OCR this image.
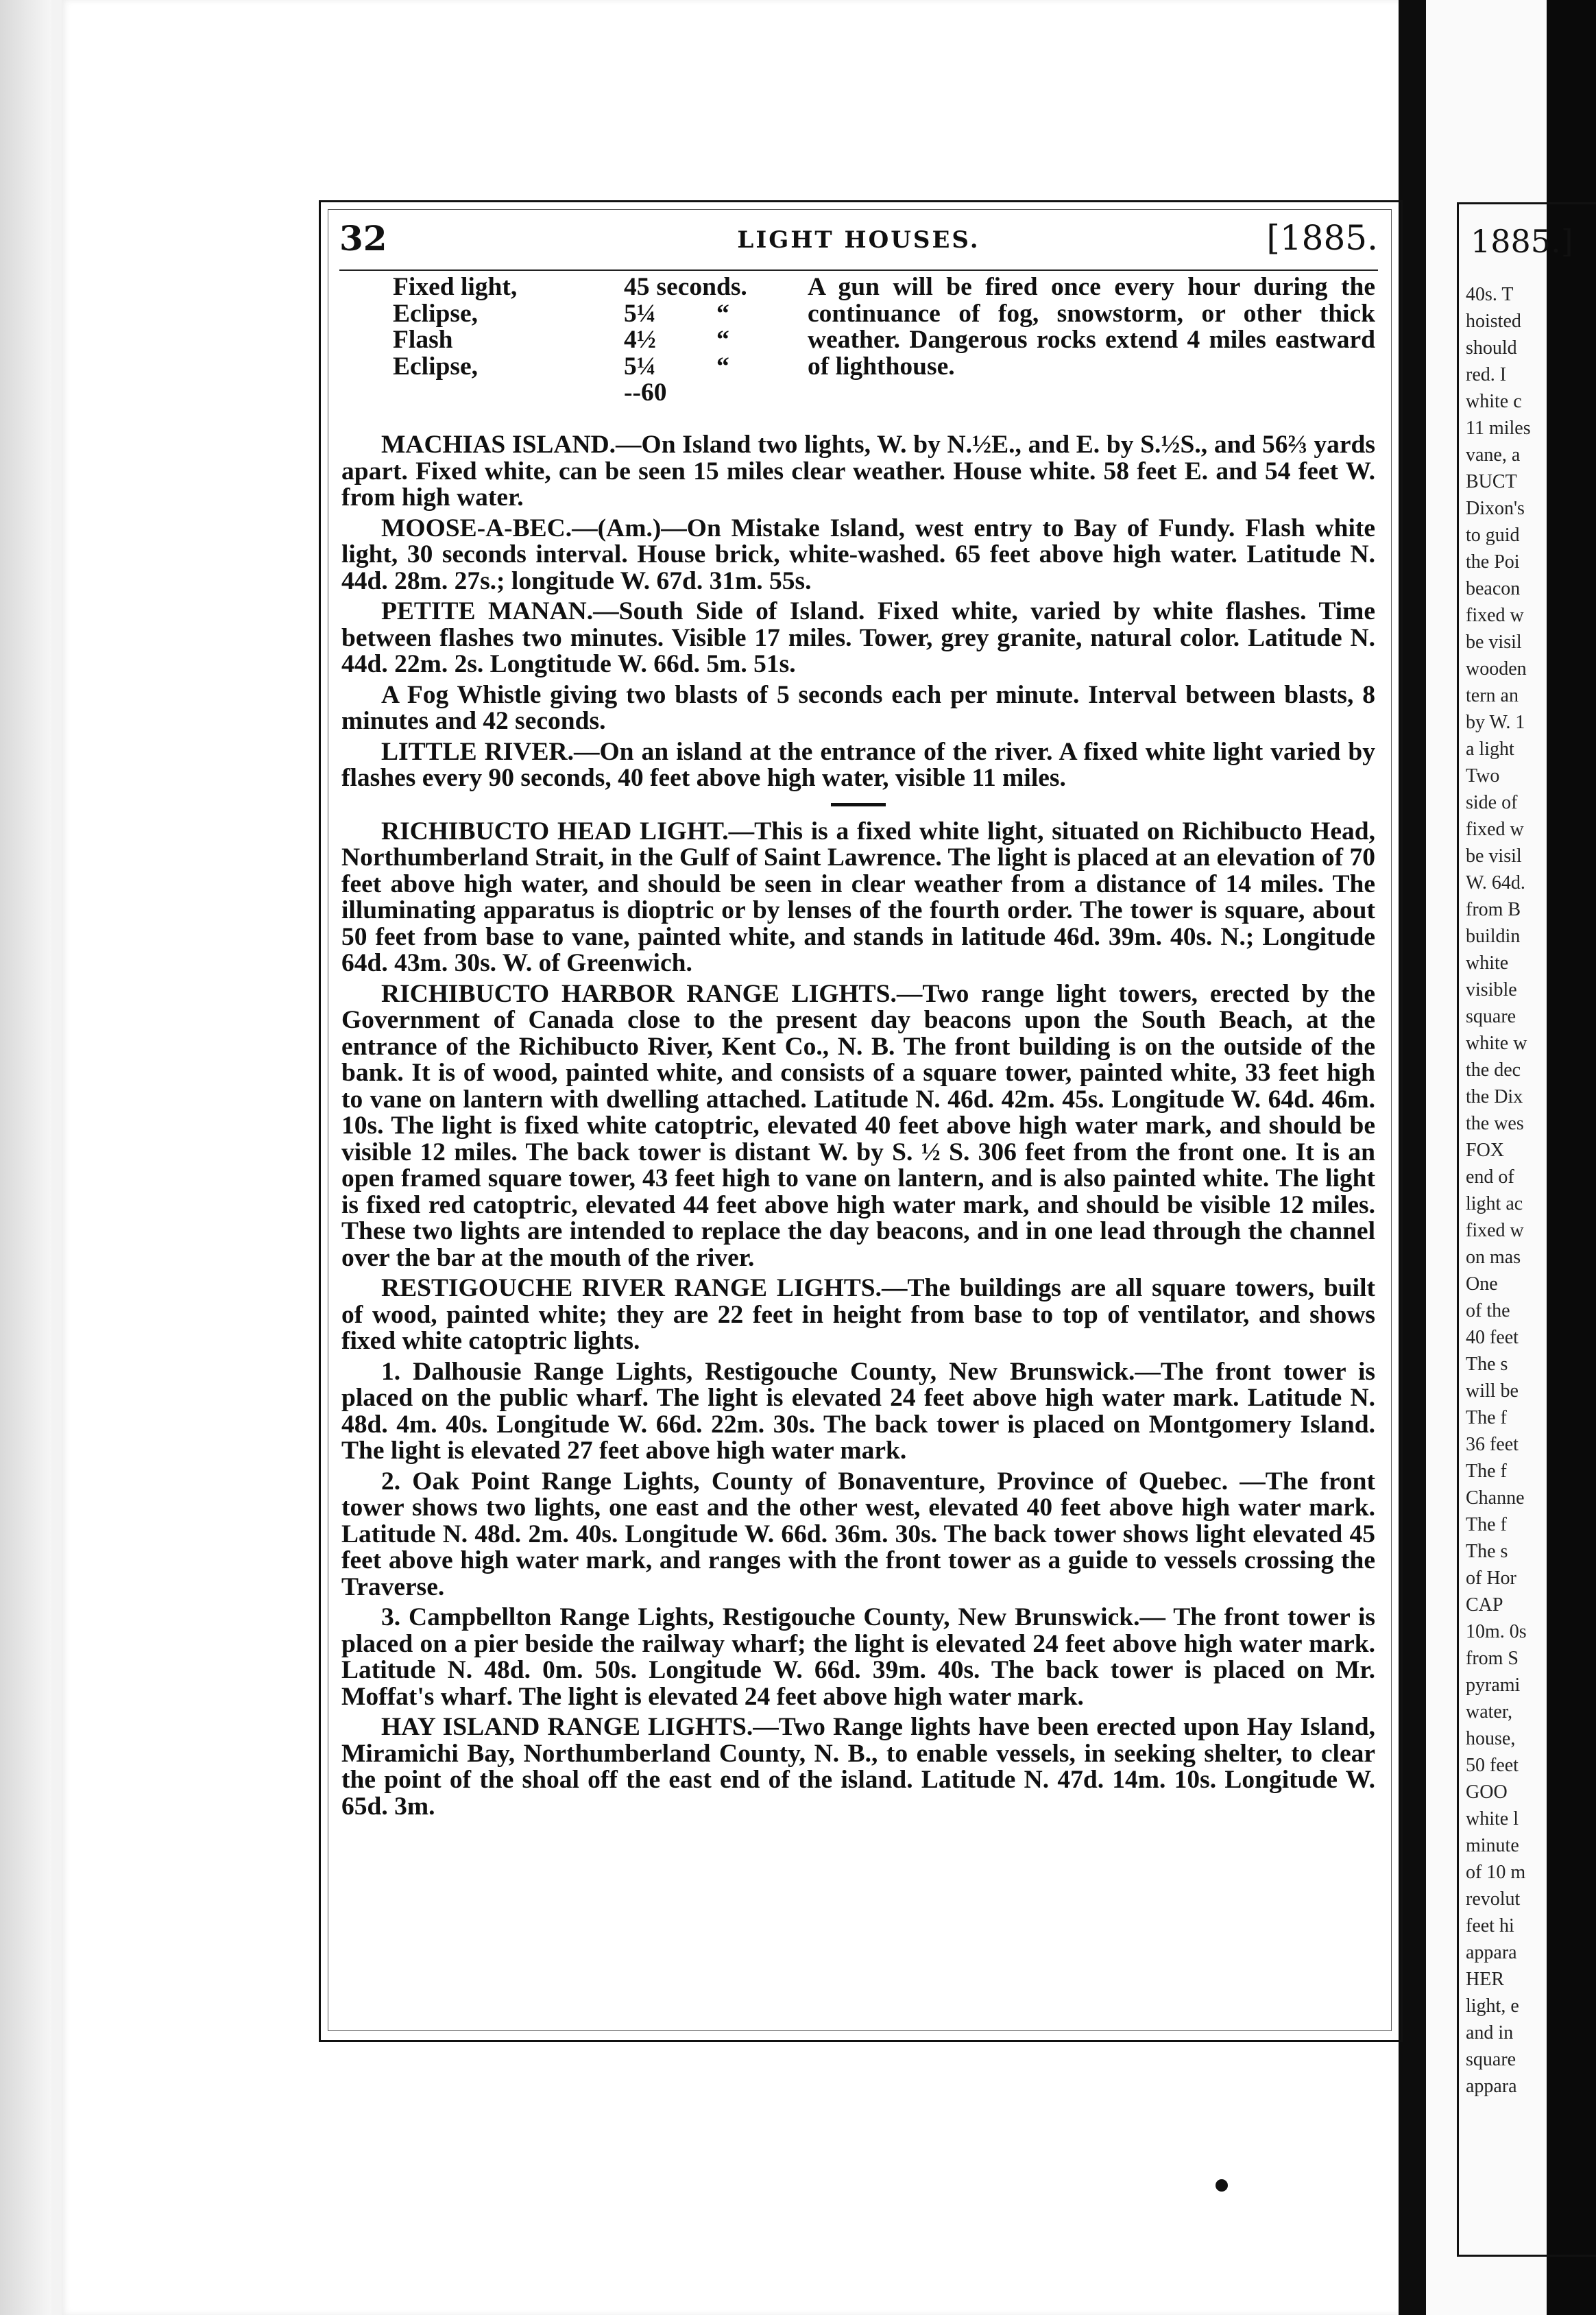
1885.]
40s. T
hoisted
should
red. I
white c
11 miles
vane, a
BUCT
Dixon's
to guid
the Poi
beacon
fixed w
be visil
wooden
tern an
by W. 1
a light
Two
side of
fixed w
be visil
W. 64d.
from B
buildin
white
visible
square
white w
the dec
the Dix
the wes
FOX
end of
light ac
fixed w
on mas
One
of the
40 feet
The s
will be
The f
36 feet
The f
Channe
The f
The s
of Hor
CAP
10m. 0s
from S
pyrami
water,
house,
50 feet
GOO
white l
minute
of 10 m
revolut
feet hi
appara
HER
light, e
and in
square
appara
32	LIGHT HOUSES.	[1885.
Fixed light,
Eclipse,
Flash
Eclipse,
45 seconds.
5¼ “
4½ “
5¼ “
--60
A gun will be fired once every hour during the continuance of fog, snowstorm, or other thick weather. Dangerous rocks extend 4 miles eastward of lighthouse.

MACHIAS ISLAND.—On Island two lights, W. by N.½E., and E. by S.½S., and 56⅔ yards apart. Fixed white, can be seen 15 miles clear weather. House white. 58 feet E. and 54 feet W. from high water.

MOOSE-A-BEC.—(Am.)—On Mistake Island, west entry to Bay of Fundy. Flash white light, 30 seconds interval. House brick, white-washed. 65 feet above high water. Latitude N. 44d. 28m. 27s.; longitude W. 67d. 31m. 55s.

PETITE MANAN.—South Side of Island. Fixed white, varied by white flashes. Time between flashes two minutes. Visible 17 miles. Tower, grey granite, natural color. Latitude N. 44d. 22m. 2s. Longtitude W. 66d. 5m. 51s.

A Fog Whistle giving two blasts of 5 seconds each per minute. Interval between blasts, 8 minutes and 42 seconds.

LITTLE RIVER.—On an island at the entrance of the river. A fixed white light varied by flashes every 90 seconds, 40 feet above high water, visible 11 miles.

RICHIBUCTO HEAD LIGHT.—This is a fixed white light, situated on Richibucto Head, Northumberland Strait, in the Gulf of Saint Lawrence. The light is placed at an elevation of 70 feet above high water, and should be seen in clear weather from a distance of 14 miles. The illuminating apparatus is dioptric or by lenses of the fourth order. The tower is square, about 50 feet from base to vane, painted white, and stands in latitude 46d. 39m. 40s. N.; Longitude 64d. 43m. 30s. W. of Greenwich.

RICHIBUCTO HARBOR RANGE LIGHTS.—Two range light towers, erected by the Government of Canada close to the present day beacons upon the South Beach, at the entrance of the Richibucto River, Kent Co., N. B. The front building is on the outside of the bank. It is of wood, painted white, and consists of a square tower, painted white, 33 feet high to vane on lantern with dwelling attached. Latitude N. 46d. 42m. 45s. Longitude W. 64d. 46m. 10s. The light is fixed white catoptric, elevated 40 feet above high water mark, and should be visible 12 miles. The back tower is distant W. by S. ½ S. 306 feet from the front one. It is an open framed square tower, 43 feet high to vane on lantern, and is also painted white. The light is fixed red catoptric, elevated 44 feet above high water mark, and should be visible 12 miles. These two lights are intended to replace the day beacons, and in one lead through the channel over the bar at the mouth of the river.

RESTIGOUCHE RIVER RANGE LIGHTS.—The buildings are all square towers, built of wood, painted white; they are 22 feet in height from base to top of ventilator, and shows fixed white catoptric lights.

1. Dalhousie Range Lights, Restigouche County, New Brunswick.—The front tower is placed on the public wharf. The light is elevated 24 feet above high water mark. Latitude N. 48d. 4m. 40s. Longitude W. 66d. 22m. 30s. The back tower is placed on Montgomery Island. The light is elevated 27 feet above high water mark.

2. Oak Point Range Lights, County of Bonaventure, Province of Quebec. —The front tower shows two lights, one east and the other west, elevated 40 feet above high water mark. Latitude N. 48d. 2m. 40s. Longitude W. 66d. 36m. 30s. The back tower shows light elevated 45 feet above high water mark, and ranges with the front tower as a guide to vessels crossing the Traverse.

3. Campbellton Range Lights, Restigouche County, New Brunswick.— The front tower is placed on a pier beside the railway wharf; the light is elevated 24 feet above high water mark. Latitude N. 48d. 0m. 50s. Longitude W. 66d. 39m. 40s. The back tower is placed on Mr. Moffat's wharf. The light is elevated 24 feet above high water mark.

HAY ISLAND RANGE LIGHTS.—Two Range lights have been erected upon Hay Island, Miramichi Bay, Northumberland County, N. B., to enable vessels, in seeking shelter, to clear the point of the shoal off the east end of the island. Latitude N. 47d. 14m. 10s. Longitude W. 65d. 3m.
